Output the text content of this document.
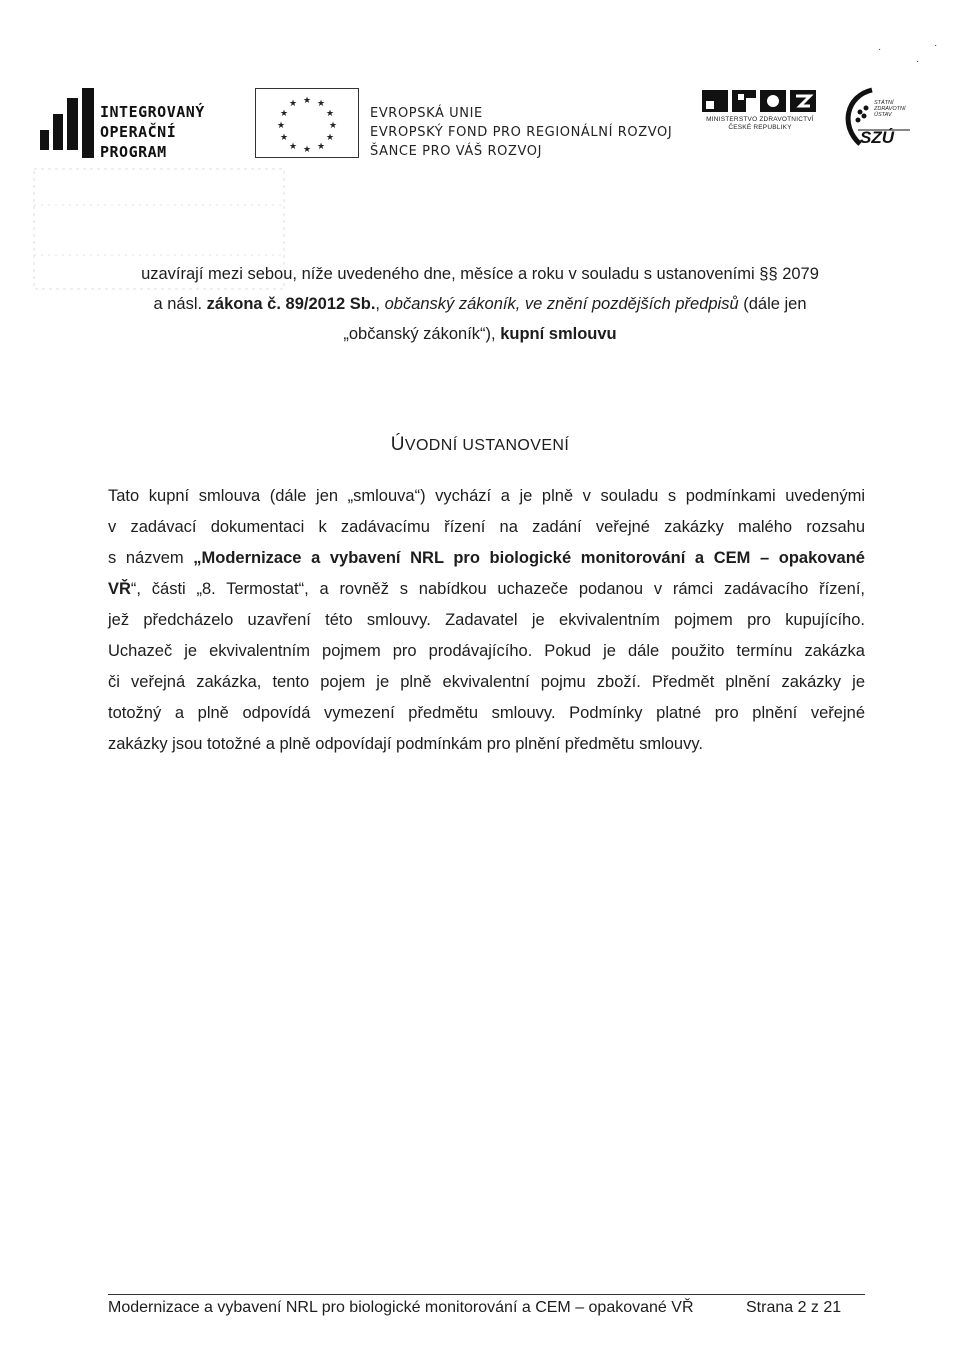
INTEGROVANÝ
OPERAČNÍ
PROGRAM
★
★ ★
★	★
★	★
★	★
★ ★
★
EVROPSKÁ UNIE
EVROPSKÝ FOND PRO REGIONÁLNÍ ROZVOJ
ŠANCE PRO VÁŠ ROZVOJ
MINISTERSTVO ZDRAVOTNICTVÍ
ČESKÉ REPUBLIKY
STÁTNÍ
ZDRAVOTNÍ
ÚSTAV
SZÚ
·
·
·
uzavírají mezi sebou, níže uvedeného dne, měsíce a roku v souladu s ustanoveními §§ 2079
a násl. zákona č. 89/2012 Sb., občanský zákoník, ve znění pozdějších předpisů (dále jen
„občanský zákoník“), kupní smlouvu
ÚVODNÍ USTANOVENÍ
Tato kupní smlouva (dále jen „smlouva“) vychází a je plně v souladu s podmínkami uvedenými
v zadávací dokumentaci k zadávacímu řízení na zadání veřejné zakázky malého rozsahu
s názvem „Modernizace a vybavení NRL pro biologické monitorování a CEM – opakované
VŘ“, části „8. Termostat“, a rovněž s nabídkou uchazeče podanou v rámci zadávacího řízení,
jež předcházelo uzavření této smlouvy. Zadavatel je ekvivalentním pojmem pro kupujícího.
Uchazeč je ekvivalentním pojmem pro prodávajícího. Pokud je dále použito termínu zakázka
či veřejná zakázka, tento pojem je plně ekvivalentní pojmu zboží. Předmět plnění zakázky je
totožný a plně odpovídá vymezení předmětu smlouvy. Podmínky platné pro plnění veřejné
zakázky jsou totožné a plně odpovídají podmínkám pro plnění předmětu smlouvy.
Modernizace a vybavení NRL pro biologické monitorování a CEM – opakované VŘ	Strana 2 z 21
